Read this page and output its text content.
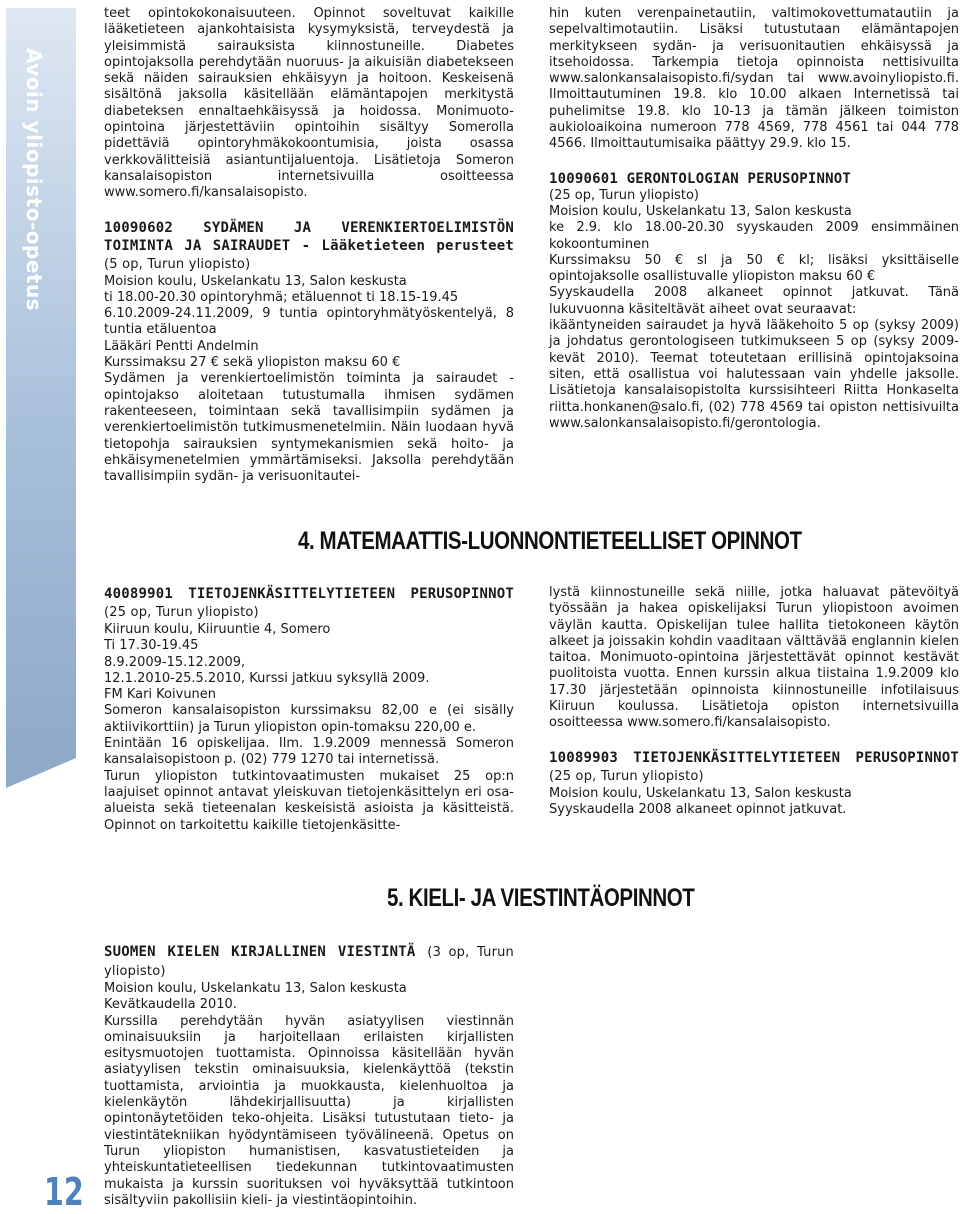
Avoin yliopisto-opetus

teet opintokokonaisuuteen. Opinnot soveltuvat kaikille lääketieteen ajankohtaisista kysymyksistä, terveydestä ja yleisimmistä sairauksista kiinnostuneille. Diabetes opintojaksolla perehdytään nuoruus- ja aikuisiän diabetekseen sekä näiden sairauksien ehkäisyyn ja hoitoon. Keskeisenä sisältönä jaksolla käsitellään elämäntapojen merkitystä diabeteksen ennaltaehkäisyssä ja hoidossa. Monimuoto-opintoina järjestettäviin opintoihin sisältyy Somerolla pidettäviä opintoryhmäkokoontumisia, joista osassa verkkovälitteisiä asiantuntijaluentoja. Lisätietoja Someron kansalaisopiston internetsivuilla osoitteessa www.somero.fi/kansalaisopisto.

10090602 SYDÄMEN JA VERENKIERTOELIMISTÖN TOIMINTA JA SAIRAUDET - Lääketieteen perusteet (5 op, Turun yliopisto)

Moision koulu, Uskelankatu 13, Salon keskusta

ti 18.00-20.30 opintoryhmä; etäluennot ti 18.15-19.45

6.10.2009-24.11.2009, 9 tuntia opintoryhmätyöskentelyä, 8 tuntia etäluentoa

Lääkäri Pentti Andelmin

Kurssimaksu 27 € sekä yliopiston maksu 60 €

Sydämen ja verenkiertoelimistön toiminta ja sairaudet -opintojakso aloitetaan tutustumalla ihmisen sydämen rakenteeseen, toimintaan sekä tavallisimpiin sydämen ja verenkiertoelimistön tutkimusmenetelmiin. Näin luodaan hyvä tietopohja sairauksien syntymekanismien sekä hoito- ja ehkäisymenetelmien ymmärtämiseksi. Jaksolla perehdytään tavallisimpiin sydän- ja verisuonitautei-

hin kuten verenpainetautiin, valtimokovettumatautiin ja sepelvaltimotautiin. Lisäksi tutustutaan elämäntapojen merkitykseen sydän- ja verisuonitautien ehkäisyssä ja itsehoidossa. Tarkempia tietoja opinnoista nettisivuilta www.salonkansalaisopisto.fi/sydan tai www.avoinyliopisto.fi. Ilmoittautuminen 19.8. klo 10.00 alkaen Internetissä tai puhelimitse 19.8. klo 10-13 ja tämän jälkeen toimiston aukioloaikoina numeroon 778 4569, 778 4561 tai 044 778 4566. Ilmoittautumisaika päättyy 29.9. klo 15.

10090601 GERONTOLOGIAN PERUSOPINNOT

(25 op, Turun yliopisto)

Moision koulu, Uskelankatu 13, Salon keskusta

ke 2.9. klo 18.00-20.30 syyskauden 2009 ensimmäinen kokoontuminen

Kurssimaksu 50 € sl ja 50 € kl; lisäksi yksittäiselle opintojaksolle osallistuvalle yliopiston maksu 60 €

Syyskaudella 2008 alkaneet opinnot jatkuvat. Tänä lukuvuonna käsiteltävät aiheet ovat seuraavat:

ikääntyneiden sairaudet ja hyvä lääkehoito 5 op (syksy 2009) ja johdatus gerontologiseen tutkimukseen 5 op (syksy 2009-kevät 2010). Teemat toteutetaan erillisinä opintojaksoina siten, että osallistua voi halutessaan vain yhdelle jaksolle. Lisätietoja kansalaisopistolta kurssisihteeri Riitta Honkaselta riitta.honkanen@salo.fi, (02) 778 4569 tai opiston nettisivuilta www.salonkansalaisopisto.fi/gerontologia.

4. MATEMAATTIS-LUONNONTIETEELLISET OPINNOT

40089901 TIETOJENKÄSITTELYTIETEEN PERUSOPINNOT (25 op, Turun yliopisto)

Kiiruun koulu, Kiiruuntie 4, Somero

Ti 17.30-19.45

8.9.2009-15.12.2009,

12.1.2010-25.5.2010, Kurssi jatkuu syksyllä 2009.

FM Kari Koivunen

Someron kansalaisopiston kurssimaksu 82,00 e (ei sisälly aktiivikorttiin) ja Turun yliopiston opin-tomaksu 220,00 e.

Enintään 16 opiskelijaa. Ilm. 1.9.2009 mennessä Someron kansalaisopistoon p. (02) 779 1270 tai internetissä.

Turun yliopiston tutkintovaatimusten mukaiset 25 op:n laajuiset opinnot antavat yleiskuvan tietojenkäsittelyn eri osa-alueista sekä tieteenalan keskeisistä asioista ja käsitteistä. Opinnot on tarkoitettu kaikille tietojenkäsitte-

lystä kiinnostuneille sekä niille, jotka haluavat pätevöityä työssään ja hakea opiskelijaksi Turun yliopistoon avoimen väylän kautta. Opiskelijan tulee hallita tietokoneen käytön alkeet ja joissakin kohdin vaaditaan välttävää englannin kielen taitoa. Monimuoto-opintoina järjestettävät opinnot kestävät puolitoista vuotta. Ennen kurssin alkua tiistaina 1.9.2009 klo 17.30 järjestetään opinnoista kiinnostuneille infotilaisuus Kiiruun koulussa. Lisätietoja opiston internetsivuilla osoitteessa www.somero.fi/kansalaisopisto.

10089903 TIETOJENKÄSITTELYTIETEEN PERUSOPINNOT (25 op, Turun yliopisto)

Moision koulu, Uskelankatu 13, Salon keskusta

Syyskaudella 2008 alkaneet opinnot jatkuvat.

5. KIELI- JA VIESTINTÄOPINNOT

SUOMEN KIELEN KIRJALLINEN VIESTINTÄ (3 op, Turun yliopisto)

Moision koulu, Uskelankatu 13, Salon keskusta

Kevätkaudella 2010.

Kurssilla perehdytään hyvän asiatyylisen viestinnän ominaisuuksiin ja harjoitellaan erilaisten kirjallisten esitysmuotojen tuottamista. Opinnoissa käsitellään hyvän asiatyylisen tekstin ominaisuuksia, kielenkäyttöä (tekstin tuottamista, arviointia ja muokkausta, kielenhuoltoa ja kielenkäytön lähdekirjallisuutta) ja kirjallisten opintonäytetöiden teko-ohjeita. Lisäksi tutustutaan tieto- ja viestintätekniikan hyödyntämiseen työvälineenä. Opetus on Turun yliopiston humanistisen, kasvatustieteiden ja yhteiskuntatieteellisen tiedekunnan tutkintovaatimusten mukaista ja kurssin suorituksen voi hyväksyttää tutkintoon sisältyviin pakollisiin kieli- ja viestintäopintoihin.

12
